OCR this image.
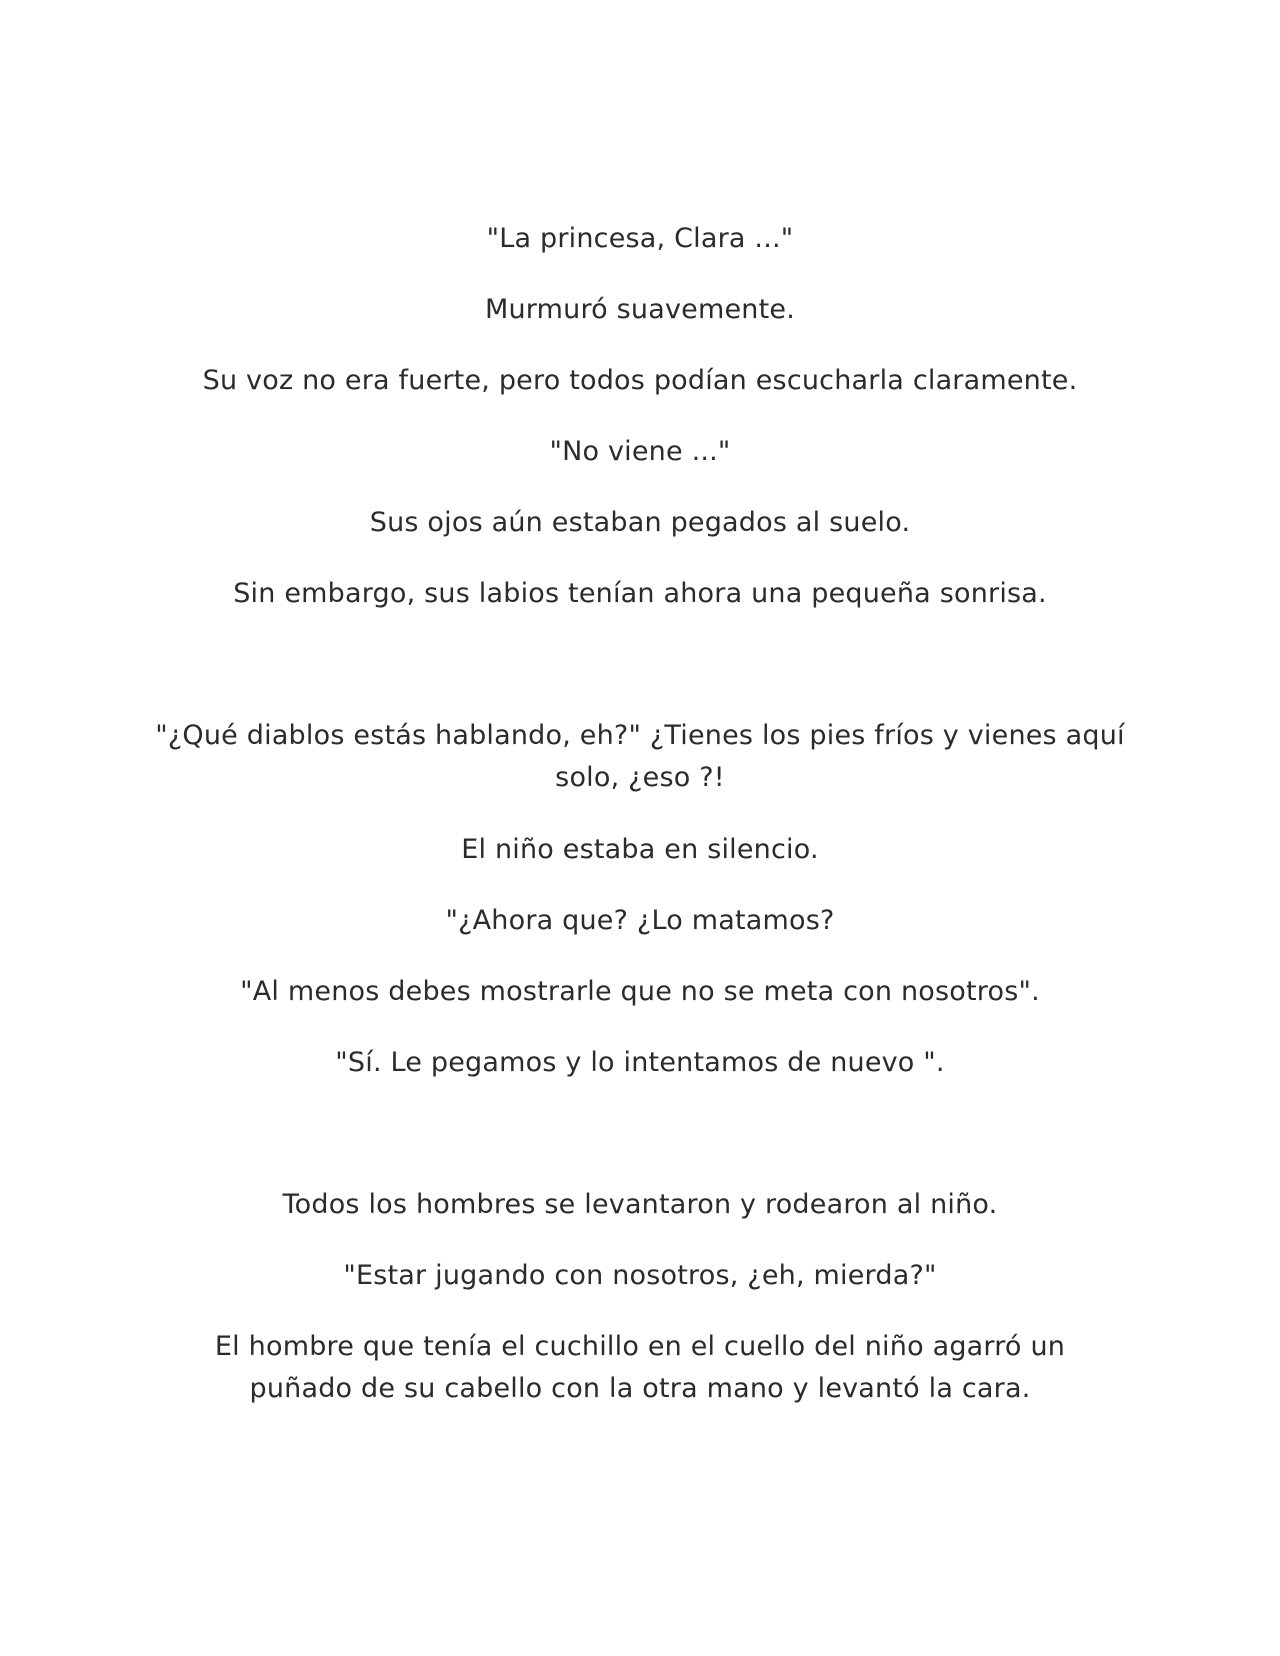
"La princesa, Clara ..."

Murmuró suavemente.

Su voz no era fuerte, pero todos podían escucharla claramente.

"No viene ..."

Sus ojos aún estaban pegados al suelo.

Sin embargo, sus labios tenían ahora una pequeña sonrisa.

"¿Qué diablos estás hablando, eh?" ¿Tienes los pies fríos y vienes aquí solo, ¿eso ?!

El niño estaba en silencio.

"¿Ahora que? ¿Lo matamos?

"Al menos debes mostrarle que no se meta con nosotros".

"Sí. Le pegamos y lo intentamos de nuevo ".

Todos los hombres se levantaron y rodearon al niño.

"Estar jugando con nosotros, ¿eh, mierda?"

El hombre que tenía el cuchillo en el cuello del niño agarró un puñado de su cabello con la otra mano y levantó la cara.
